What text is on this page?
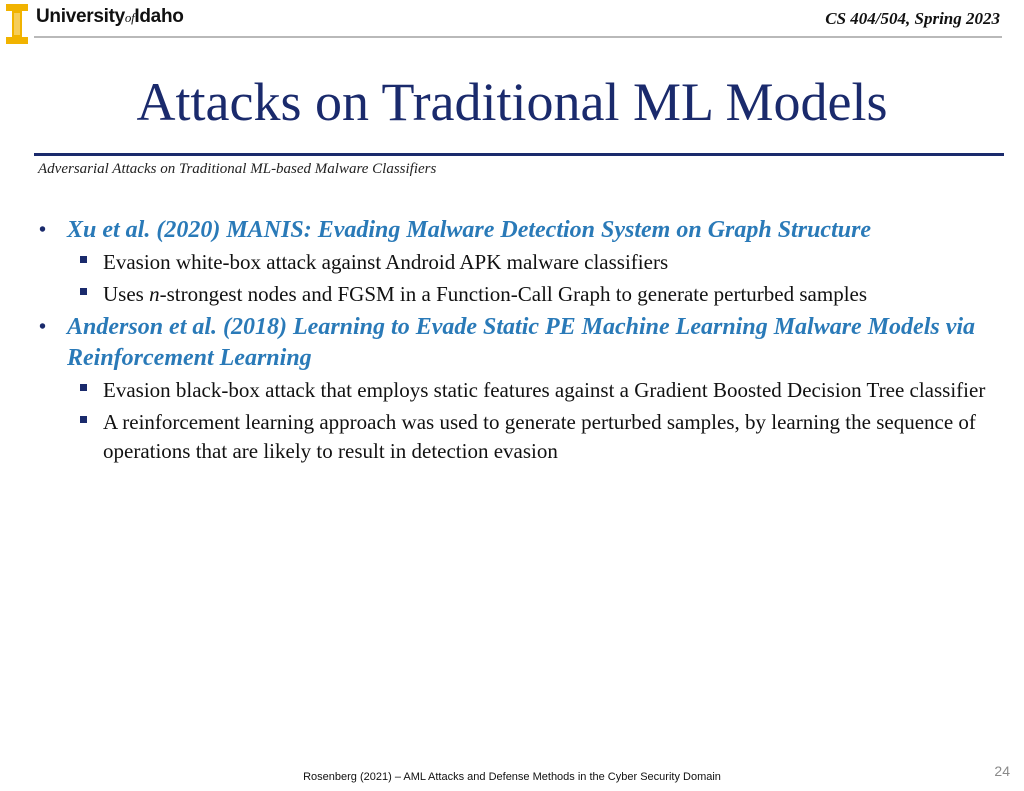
UniversityofIdaho	CS 404/504, Spring 2023
Attacks on Traditional ML Models
Adversarial Attacks on Traditional ML-based Malware Classifiers
• Xu et al. (2020) MANIS: Evading Malware Detection System on Graph Structure
Evasion white-box attack against Android APK malware classifiers
Uses n-strongest nodes and FGSM in a Function-Call Graph to generate perturbed samples
• Anderson et al. (2018) Learning to Evade Static PE Machine Learning Malware Models via Reinforcement Learning
Evasion black-box attack that employs static features against a Gradient Boosted Decision Tree classifier
A reinforcement learning approach was used to generate perturbed samples, by learning the sequence of operations that are likely to result in detection evasion
Rosenberg (2021) – AML Attacks and Defense Methods in the Cyber Security Domain	24
